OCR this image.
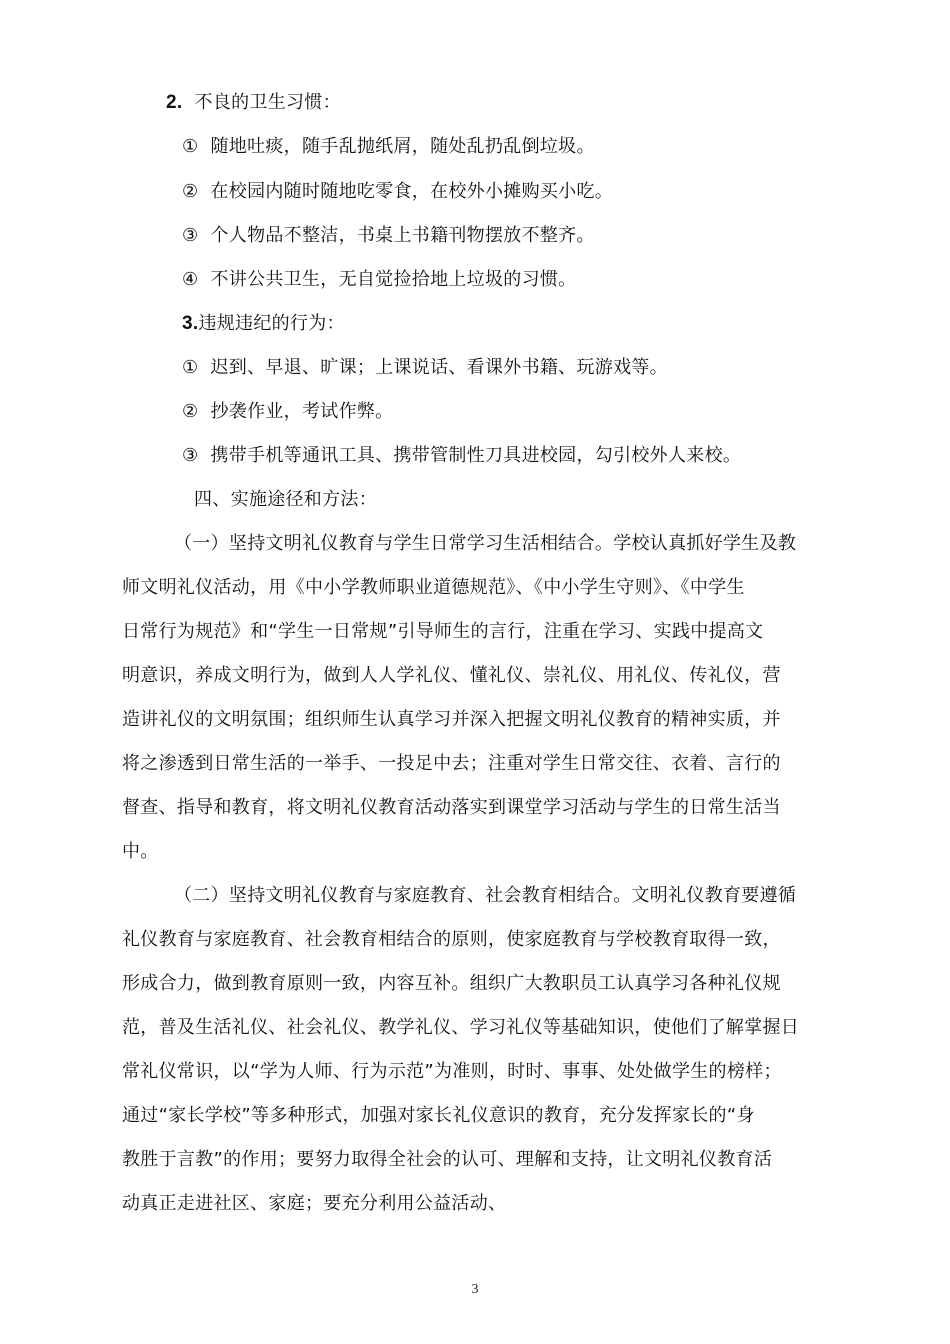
2. 不良的卫生习惯：
① 随地吐痰，随手乱抛纸屑，随处乱扔乱倒垃圾。
② 在校园内随时随地吃零食，在校外小摊购买小吃。
③ 个人物品不整洁，书桌上书籍刊物摆放不整齐。
④ 不讲公共卫生，无自觉捡拾地上垃圾的习惯。
3.违规违纪的行为：
① 迟到、早退、旷课；上课说话、看课外书籍、玩游戏等。
② 抄袭作业，考试作弊。
③ 携带手机等通讯工具、携带管制性刀具进校园，勾引校外人来校。
四、实施途径和方法：
（一）坚持文明礼仪教育与学生日常学习生活相结合。学校认真抓好学生及教
师文明礼仪活动，用《中小学教师职业道德规范》、《中小学生守则》、《中学生
日常行为规范》和“学生一日常规”引导师生的言行，注重在学习、实践中提高文
明意识，养成文明行为，做到人人学礼仪、懂礼仪、崇礼仪、用礼仪、传礼仪，营
造讲礼仪的文明氛围；组织师生认真学习并深入把握文明礼仪教育的精神实质，并
将之渗透到日常生活的一举手、一投足中去；注重对学生日常交往、衣着、言行的
督查、指导和教育，将文明礼仪教育活动落实到课堂学习活动与学生的日常生活当
中。
（二）坚持文明礼仪教育与家庭教育、社会教育相结合。文明礼仪教育要遵循
礼仪教育与家庭教育、社会教育相结合的原则，使家庭教育与学校教育取得一致，
形成合力，做到教育原则一致，内容互补。组织广大教职员工认真学习各种礼仪规
范，普及生活礼仪、社会礼仪、教学礼仪、学习礼仪等基础知识，使他们了解掌握日
常礼仪常识，以“学为人师、行为示范”为准则，时时、事事、处处做学生的榜样；
通过“家长学校”等多种形式，加强对家长礼仪意识的教育，充分发挥家长的“身
教胜于言教”的作用；要努力取得全社会的认可、理解和支持，让文明礼仪教育活
动真正走进社区、家庭；要充分利用公益活动、
3
